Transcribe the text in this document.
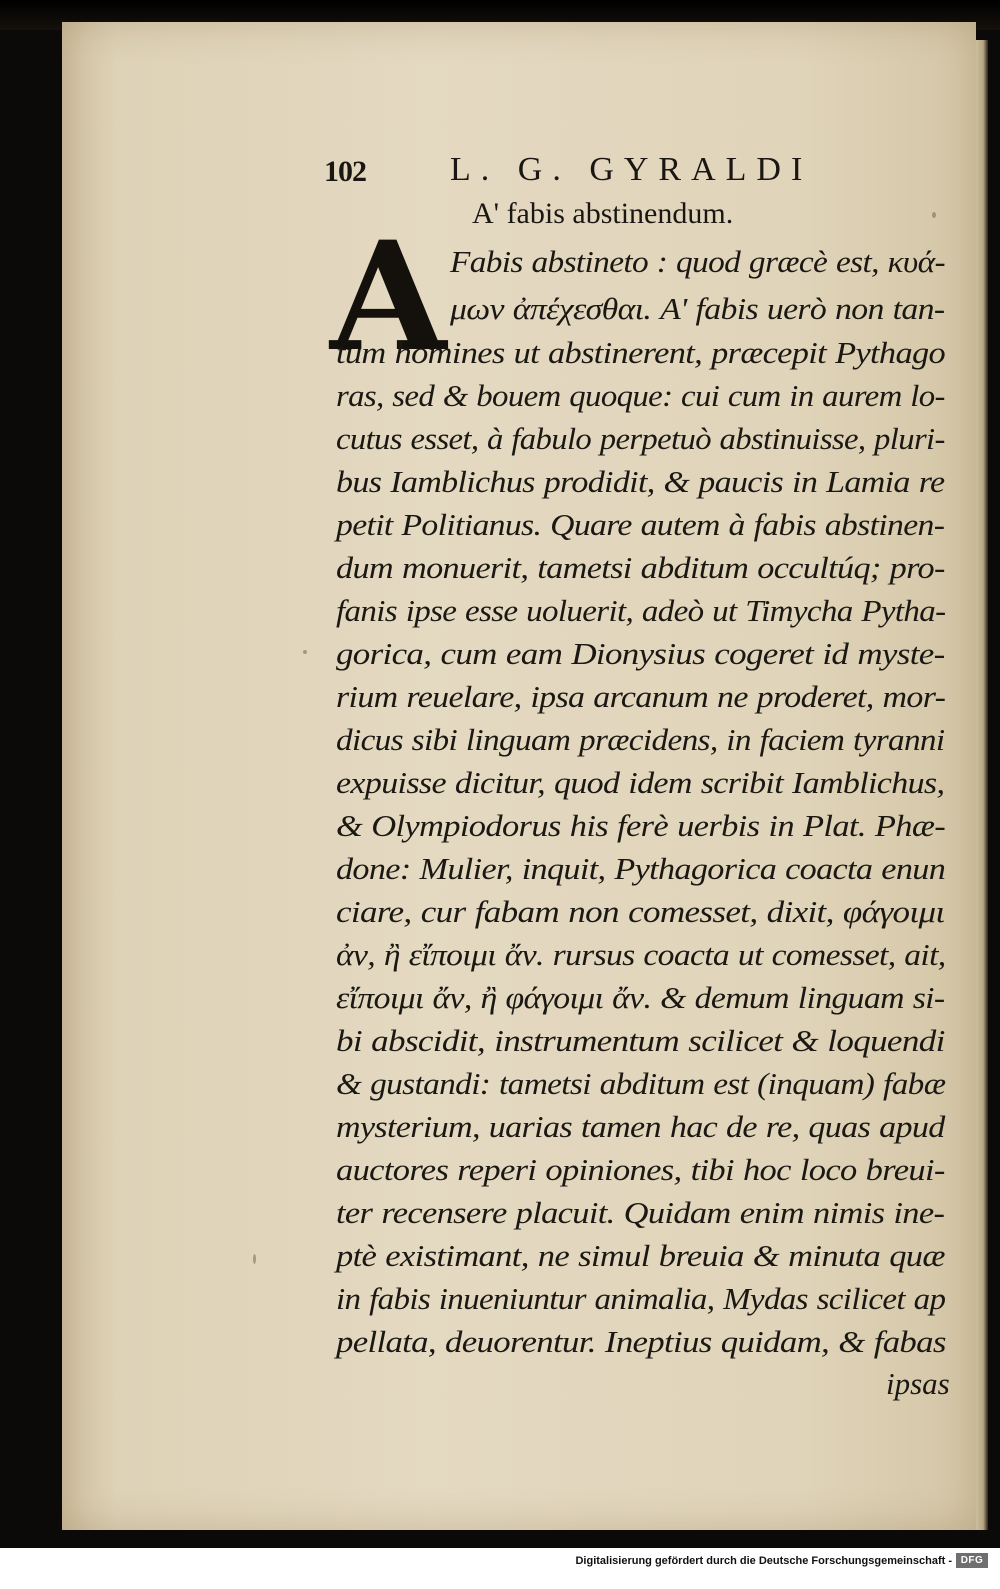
102 L. G. GYRALDI
A' fabis abstinendum.
A Fabis abstineto : quod græcè est, κυά-
μων ἀπέχεσθαι. A' fabis uerò non tan-
tum homines ut abstinerent, præcepit Pythago
ras, sed & bouem quoque: cui cum in aurem lo-
cutus esset, à fabulo perpetuò abstinuisse, pluri-
bus Iamblichus prodidit, & paucis in Lamia re
petit Politianus. Quare autem à fabis abstinen-
dum monuerit, tametsi abditum occultúq; pro-
fanis ipse esse uoluerit, adeò ut Timycha Pytha-
gorica, cum eam Dionysius cogeret id myste-
rium reuelare, ipsa arcanum ne proderet, mor-
dicus sibi linguam præcidens, in faciem tyranni
expuisse dicitur, quod idem scribit Iamblichus,
& Olympiodorus his ferè uerbis in Plat. Phæ-
done: Mulier, inquit, Pythagorica coacta enun
ciare, cur fabam non comesset, dixit, φάγοιμι
ἀν, ἢ εἴποιμι ἄν. rursus coacta ut comesset, ait,
εἴποιμι ἄν, ἢ φάγοιμι ἄν. & demum linguam si-
bi abscidit, instrumentum scilicet & loquendi
& gustandi: tametsi abditum est (inquam) fabæ
mysterium, uarias tamen hac de re, quas apud
auctores reperi opiniones, tibi hoc loco breui-
ter recensere placuit. Quidam enim nimis ine-
ptè existimant, ne simul breuia & minuta quæ
in fabis inueniuntur animalia, Mydas scilicet ap
pellata, deuorentur. Ineptius quidam, & fabas
ipsas
Digitalisierung gefördert durch die Deutsche Forschungsgemeinschaft - DFG
